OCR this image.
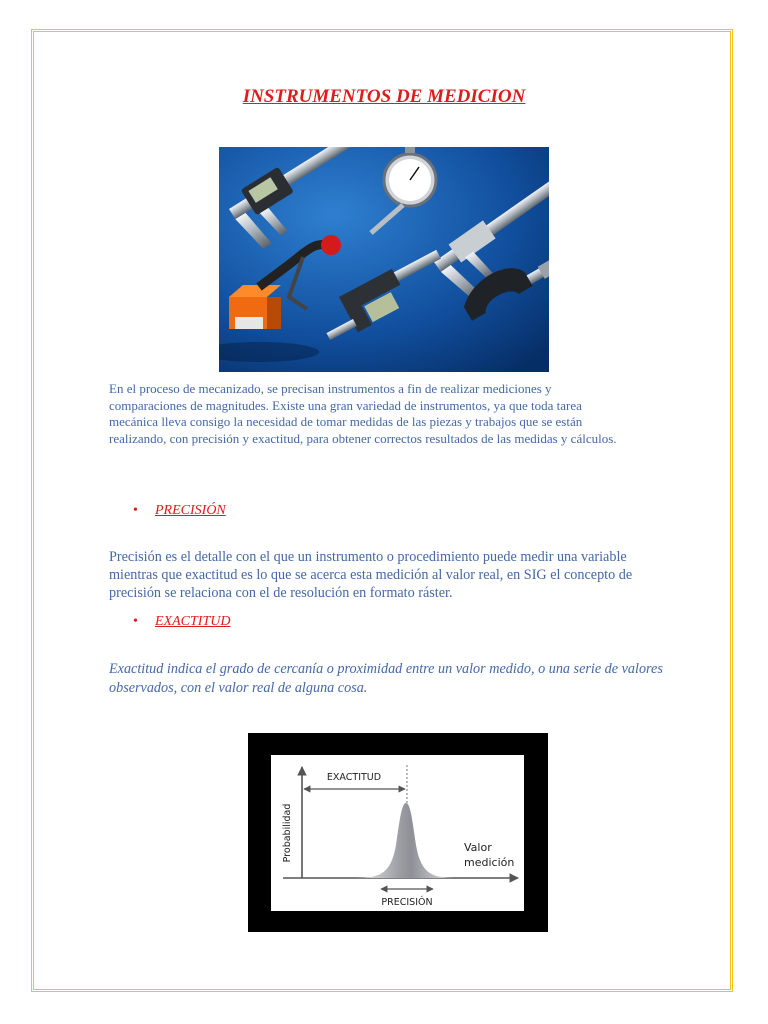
INSTRUMENTOS DE MEDICION

En el proceso de mecanizado, se precisan instrumentos a fin de realizar mediciones y comparaciones de magnitudes. Existe una gran variedad de instrumentos, ya que toda tarea mecánica lleva consigo la necesidad de tomar medidas de las piezas y trabajos que se están realizando, con precisión y exactitud, para obtener correctos resultados de las medidas y cálculos.

• PRECISIÓN

Precisión es el detalle con el que un instrumento o procedimiento puede medir una variable mientras que exactitud es lo que se acerca esta medición al valor real, en SIG el concepto de precisión se relaciona con el de resolución en formato ráster.

• EXACTITUD

Exactitud indica el grado de cercanía o proximidad entre un valor medido, o una serie de valores observados, con el valor real de alguna cosa.

EXACTITUD
Probabilidad	Valor
medición
PRECISIÓN
